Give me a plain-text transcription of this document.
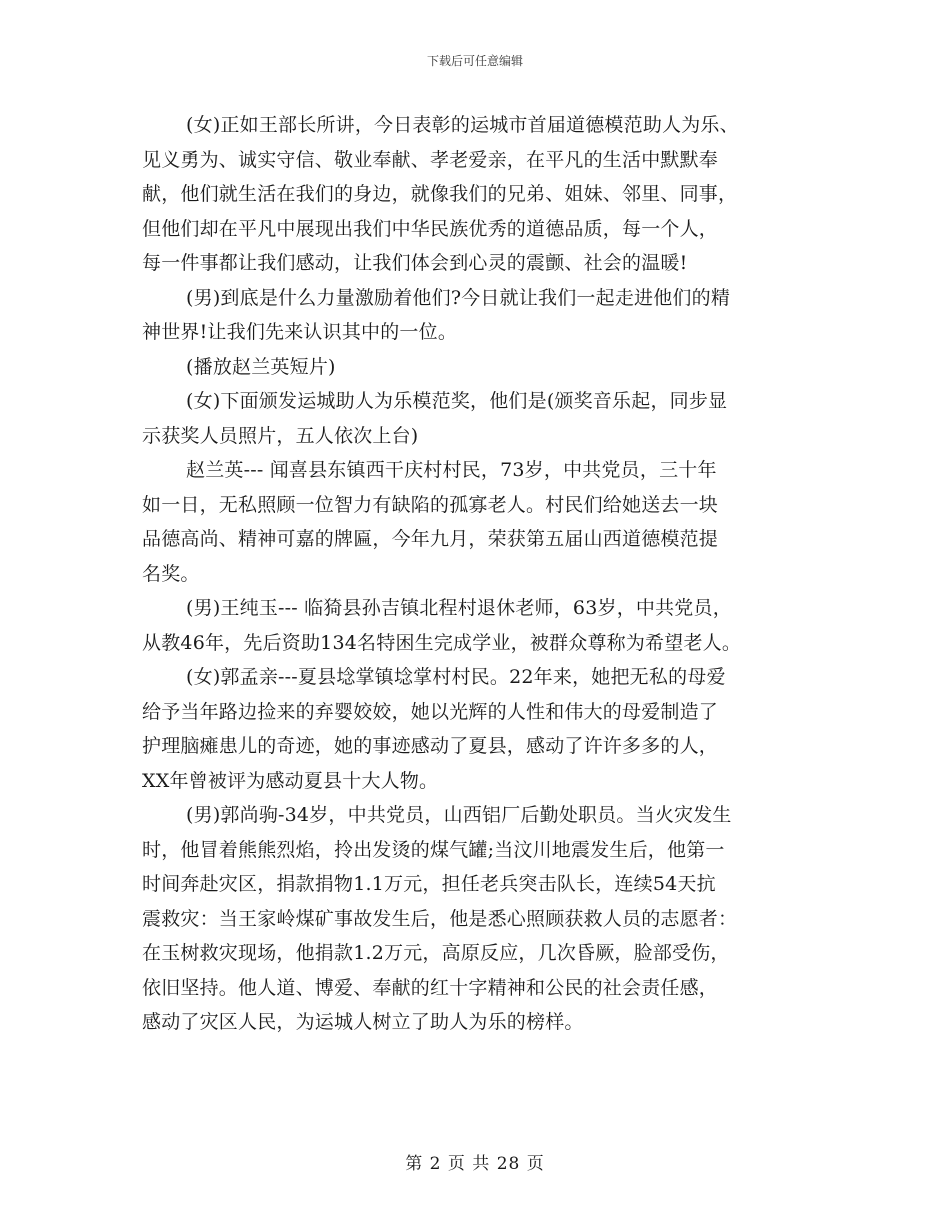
下载后可任意编辑

(女)正如王部长所讲，今日表彰的运城市首届道德模范助人为乐、
见义勇为、诚实守信、敬业奉献、孝老爱亲，在平凡的生活中默默奉
献，他们就生活在我们的身边，就像我们的兄弟、姐妹、邻里、同事，
但他们却在平凡中展现出我们中华民族优秀的道德品质，每一个人，
每一件事都让我们感动，让我们体会到心灵的震颤、社会的温暖!

(男)到底是什么力量激励着他们?今日就让我们一起走进他们的精
神世界!让我们先来认识其中的一位。

(播放赵兰英短片)

(女)下面颁发运城助人为乐模范奖，他们是(颁奖音乐起，同步显
示获奖人员照片，五人依次上台)

赵兰英--- 闻喜县东镇西干庆村村民，73岁，中共党员，三十年
如一日，无私照顾一位智力有缺陷的孤寡老人。村民们给她送去一块
品德高尚、精神可嘉的牌匾，今年九月，荣获第五届山西道德模范提
名奖。

(男)王纯玉--- 临猗县孙吉镇北程村退休老师，63岁，中共党员，
从教46年，先后资助134名特困生完成学业，被群众尊称为希望老人。

(女)郭孟亲---夏县埝掌镇埝掌村村民。22年来，她把无私的母爱
给予当年路边捡来的弃婴姣姣，她以光辉的人性和伟大的母爱制造了
护理脑瘫患儿的奇迹，她的事迹感动了夏县，感动了许许多多的人，
XX年曾被评为感动夏县十大人物。

(男)郭尚驹-34岁，中共党员，山西铝厂后勤处职员。当火灾发生
时，他冒着熊熊烈焰，拎出发烫的煤气罐;当汶川地震发生后，他第一
时间奔赴灾区，捐款捐物1.1万元，担任老兵突击队长，连续54天抗
震救灾：当王家岭煤矿事故发生后，他是悉心照顾获救人员的志愿者：
在玉树救灾现场，他捐款1.2万元，高原反应，几次昏厥，脸部受伤，
依旧坚持。他人道、博爱、奉献的红十字精神和公民的社会责任感，
感动了灾区人民，为运城人树立了助人为乐的榜样。

第 2 页 共 28 页
